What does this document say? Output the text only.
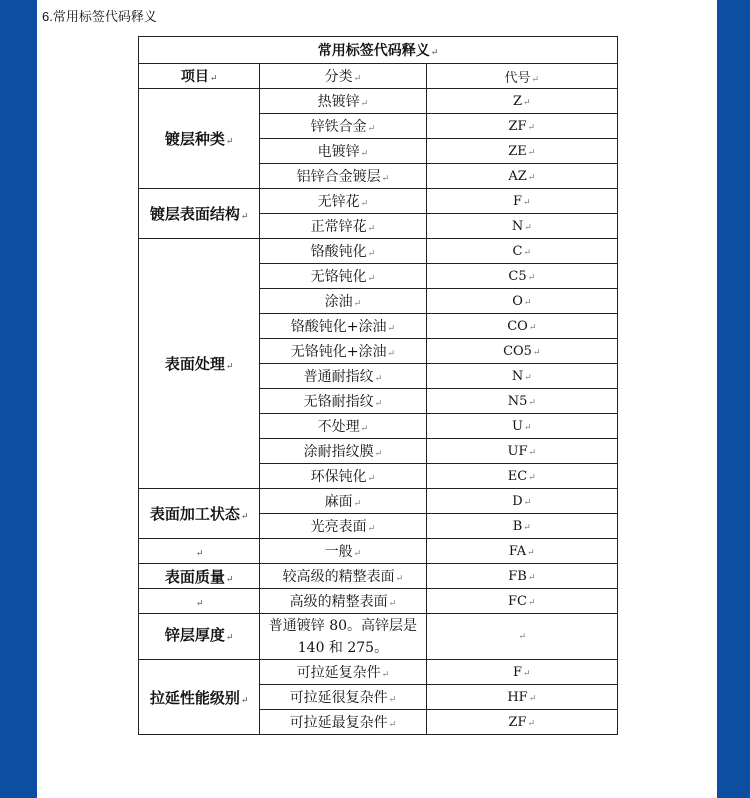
6.常用标签代码释义
常用标签代码释义↵		
项目↵	分类↵	代号↵
镀层种类↵	热镀锌↵	Z↵
	锌铁合金↵	ZF↵
	电镀锌↵	ZE↵
	铝锌合金镀层↵	AZ↵
镀层表面结构↵	无锌花↵	F↵
	正常锌花↵	N↵
表面处理↵	铬酸钝化↵	C↵
	无铬钝化↵	C5↵
	涂油↵	O↵
	铬酸钝化+涂油↵	CO↵
	无铬钝化+涂油↵	CO5↵
	普通耐指纹↵	N↵
	无铬耐指纹↵	N5↵
	不处理↵	U↵
	涂耐指纹膜↵	UF↵
	环保钝化↵	EC↵
表面加工状态↵	麻面↵	D↵
	光亮表面↵	B↵
↵	一般↵	FA↵
表面质量↵	较高级的精整表面↵	FB↵
↵	高级的精整表面↵	FC↵
锌层厚度↵	普通镀锌 80。高锌层是 140 和 275。	↵
拉延性能级别↵	可拉延复杂件↵	F↵
	可拉延很复杂件↵	HF↵
	可拉延最复杂件↵	ZF↵
